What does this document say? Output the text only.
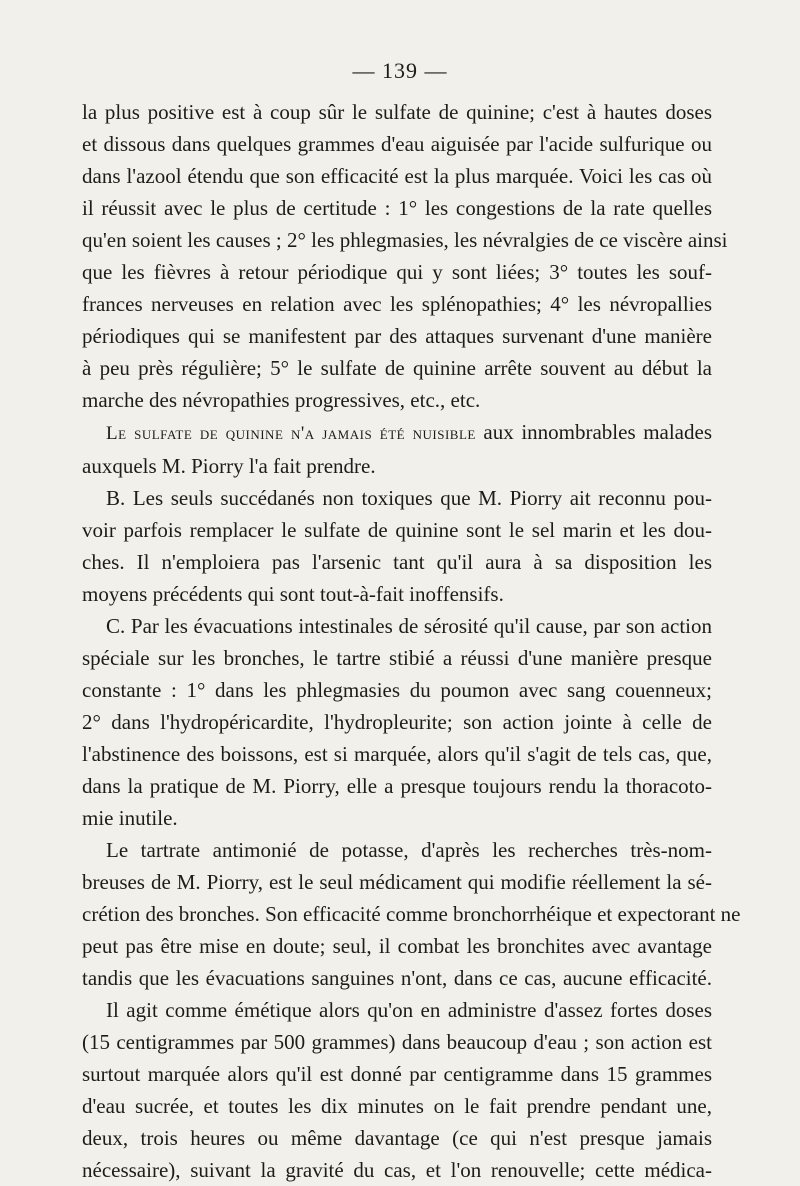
— 139 —
la plus positive est à coup sûr le sulfate de quinine; c'est à hautes doses
et dissous dans quelques grammes d'eau aiguisée par l'acide sulfurique ou
dans l'azool étendu que son efficacité est la plus marquée. Voici les cas où
il réussit avec le plus de certitude : 1° les congestions de la rate quelles
qu'en soient les causes ; 2° les phlegmasies, les névralgies de ce viscère ainsi
que les fièvres à retour périodique qui y sont liées; 3° toutes les souf-
frances nerveuses en relation avec les splénopathies; 4° les névropallies
périodiques qui se manifestent par des attaques survenant d'une manière
à peu près régulière; 5° le sulfate de quinine arrête souvent au début la
marche des névropathies progressives, etc., etc.
Le sulfate de quinine n'a jamais été nuisible aux innombrables malades
auxquels M. Piorry l'a fait prendre.
B. Les seuls succédanés non toxiques que M. Piorry ait reconnu pou-
voir parfois remplacer le sulfate de quinine sont le sel marin et les dou-
ches. Il n'emploiera pas l'arsenic tant qu'il aura à sa disposition les
moyens précédents qui sont tout-à-fait inoffensifs.
C. Par les évacuations intestinales de sérosité qu'il cause, par son action
spéciale sur les bronches, le tartre stibié a réussi d'une manière presque
constante : 1° dans les phlegmasies du poumon avec sang couenneux;
2° dans l'hydropéricardite, l'hydropleurite; son action jointe à celle de
l'abstinence des boissons, est si marquée, alors qu'il s'agit de tels cas, que,
dans la pratique de M. Piorry, elle a presque toujours rendu la thoracoto-
mie inutile.
Le tartrate antimonié de potasse, d'après les recherches très-nom-
breuses de M. Piorry, est le seul médicament qui modifie réellement la sé-
crétion des bronches. Son efficacité comme bronchorrhéique et expectorant ne
peut pas être mise en doute; seul, il combat les bronchites avec avantage
tandis que les évacuations sanguines n'ont, dans ce cas, aucune efficacité.
Il agit comme émétique alors qu'on en administre d'assez fortes doses
(15 centigrammes par 500 grammes) dans beaucoup d'eau ; son action est
surtout marquée alors qu'il est donné par centigramme dans 15 grammes
d'eau sucrée, et toutes les dix minutes on le fait prendre pendant une,
deux, trois heures ou même davantage (ce qui n'est presque jamais
nécessaire), suivant la gravité du cas, et l'on renouvelle; cette médica-
